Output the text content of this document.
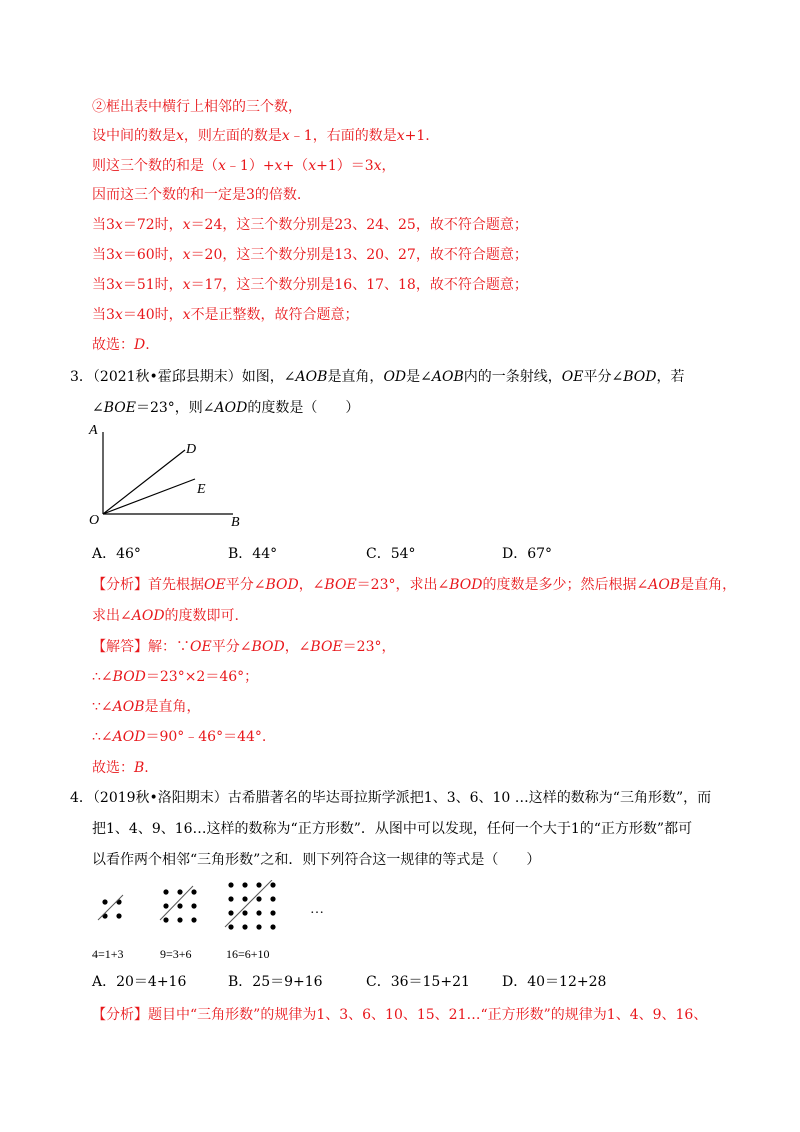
②框出表中横行上相邻的三个数，
设中间的数是x，则左面的数是x﹣1，右面的数是x+1.
则这三个数的和是（x﹣1）+x+（x+1）＝3x，
因而这三个数的和一定是3的倍数.
当3x＝72时，x＝24，这三个数分别是23、24、25，故不符合题意；
当3x＝60时，x＝20，这三个数分别是13、20、27，故不符合题意；
当3x＝51时，x＝17，这三个数分别是16、17、18，故不符合题意；
当3x＝40时，x不是正整数，故符合题意；
故选：D.
3．（2021秋•霍邱县期末）如图，∠AOB是直角，OD是∠AOB内的一条射线，OE平分∠BOD，若
∠BOE＝23°，则∠AOD的度数是（　　）
A
D
E
O	B
A．46°	B．44°	C．54°	D．67°
【分析】首先根据OE平分∠BOD，∠BOE＝23°，求出∠BOD的度数是多少；然后根据∠AOB是直角，
求出∠AOD的度数即可.
【解答】解：∵OE平分∠BOD，∠BOE＝23°，
∴∠BOD＝23°×2＝46°；
∵∠AOB是直角，
∴∠AOD＝90°﹣46°＝44°.
故选：B.
4．（2019秋•洛阳期末）古希腊著名的毕达哥拉斯学派把1、3、6、10 …这样的数称为“三角形数”，而
把1、4、9、16…这样的数称为“正方形数”．从图中可以发现，任何一个大于1的“正方形数”都可
以看作两个相邻“三角形数”之和．则下列符合这一规律的等式是（　　）
…
4=1+3	9=3+6	16=6+10
A．20＝4+16	B．25＝9+16	C．36＝15+21 D．40＝12+28
【分析】题目中“三角形数”的规律为1、3、6、10、15、21…“正方形数”的规律为1、4、9、16、
